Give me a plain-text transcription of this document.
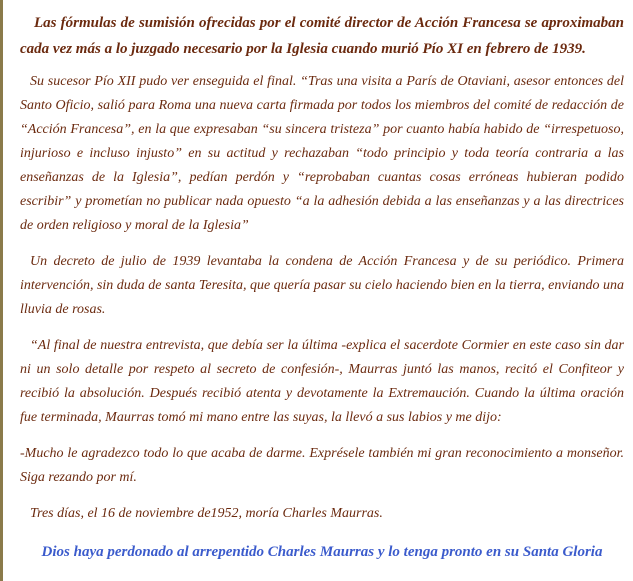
Las fórmulas de sumisión ofrecidas por el comité director de Acción Francesa se aproximaban cada vez más a lo juzgado necesario por la Iglesia cuando murió Pío XI en febrero de 1939.

Su sucesor Pío XII pudo ver enseguida el final. “Tras una visita a París de Otaviani, asesor entonces del Santo Oficio, salió para Roma una nueva carta firmada por todos los miembros del comité de redacción de “Acción Francesa”, en la que expresaban “su sincera tristeza” por cuanto había habido de “irrespetuoso, injurioso e incluso injusto” en su actitud y rechazaban “todo principio y toda teoría contraria a las enseñanzas de la Iglesia”, pedían perdón y “reprobaban cuantas cosas erróneas hubieran podido escribir” y prometían no publicar nada opuesto “a la adhesión debida a las enseñanzas y a las directrices de orden religioso y moral de la Iglesia”

Un decreto de julio de 1939 levantaba la condena de Acción Francesa y de su periódico. Primera intervención, sin duda de santa Teresita, que quería pasar su cielo haciendo bien en la tierra, enviando una lluvia de rosas.

“Al final de nuestra entrevista, que debía ser la última -explica el sacerdote Cormier en este caso sin dar ni un solo detalle por respeto al secreto de confesión-, Maurras juntó las manos, recitó el Confiteor y recibió la absolución. Después recibió atenta y devotamente la Extremaución. Cuando la última oración fue terminada, Maurras tomó mi mano entre las suyas, la llevó a sus labios y me dijo:

-Mucho le agradezco todo lo que acaba de darme. Exprésele también mi gran reconocimiento a monseñor. Siga rezando por mí.

Tres días, el 16 de noviembre de1952, moría Charles Maurras.

Dios haya perdonado al arrepentido Charles Maurras y lo tenga pronto en su Santa Gloria
